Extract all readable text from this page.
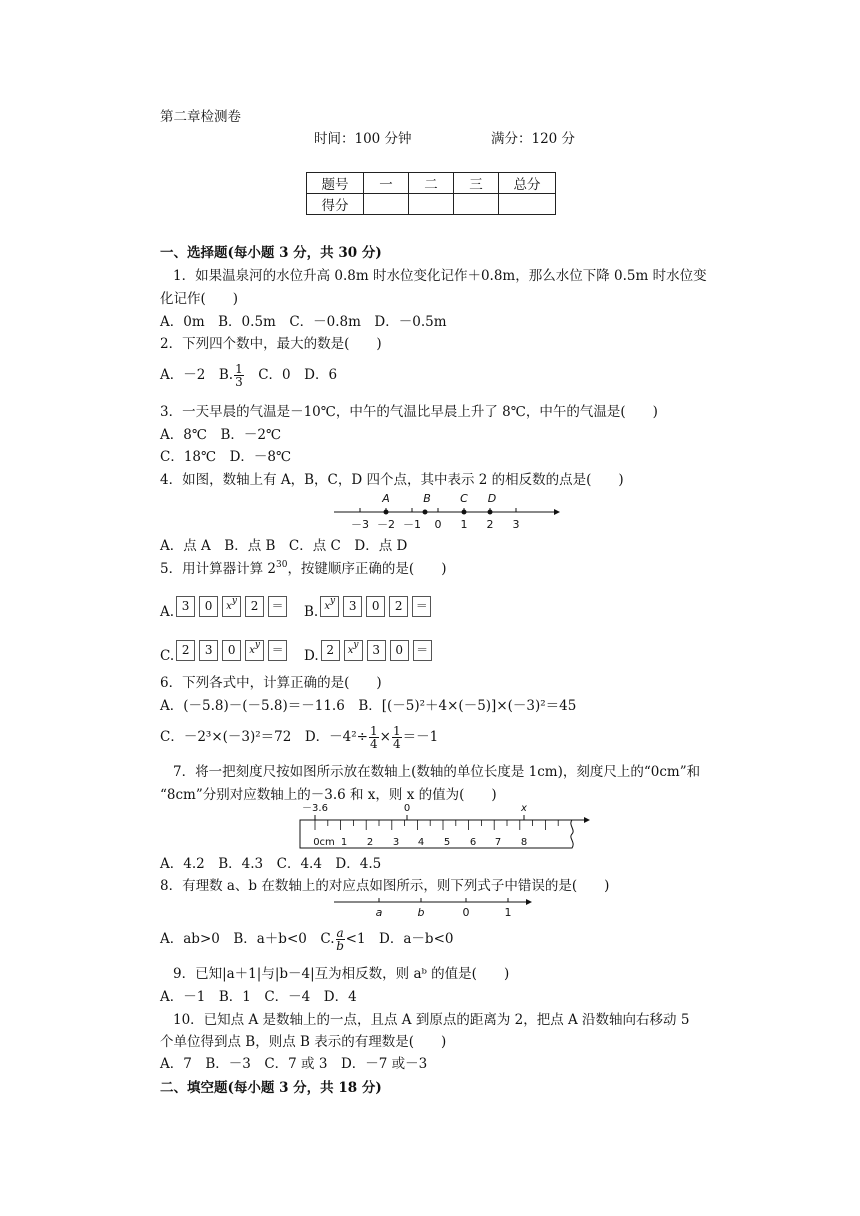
第二章检测卷
时间：100 分钟	满分：120 分
题号	一	二	三	总分
得分				
一、选择题(每小题 3 分，共 30 分)
1．如果温泉河的水位升高 0.8m 时水位变化记作＋0.8m，那么水位下降 0.5m 时水位变
化记作(　　)
A．0m　B．0.5m　C．－0.8m　D．－0.5m
2．下列四个数中，最大的数是(　　)
A．－2　B. $\frac{1}{3}$ 　C．0　D．6
3．一天早晨的气温是－10℃，中午的气温比早晨上升了 8℃，中午的气温是(　　)
A．8℃　B．－2℃
C．18℃　D．－8℃
4．如图，数轴上有 A，B，C，D 四个点，其中表示 2 的相反数的点是(　　)
A	B	C D
－3 －2 －1 0 1 2 3
A．点 A　B．点 B　C．点 C　D．点 D
5．用计算器计算 $2^{30}$，按键顺序正确的是(　　)
A. 3 0 $x^y$ 2 ＝	B. $x^y$ 3 0 2 ＝
C. 2 3 0 $x^y$ ＝	D. 2 $x^y$ 3 0 ＝
6．下列各式中，计算正确的是(　　)
A．(－5.8)－(－5.8)＝－11.6　B．[(－5)²＋4×(－5)]×(－3)²＝45
C．－2³×(－3)²＝72　D．$-4^2\div \frac{1}{4} \times \frac{1}{4} =-1$
7．将一把刻度尺按如图所示放在数轴上(数轴的单位长度是 1cm)，刻度尺上的“0cm”和
“8cm”分别对应数轴上的－3.6 和 x，则 x 的值为(　　)
－3.6	0	x
0cm 1 2 3 4 5 6 7 8
A．4.2　B．4.3　C．4.4　D．4.5
8．有理数 a、b 在数轴上的对应点如图所示，则下列式子中错误的是(　　)
a	b	0	1
A．ab>0　B．a＋b<0　C. $\frac{a}{b} <1$　D．a－b<0
9．已知|a＋1|与|b－4|互为相反数，则 aᵇ 的值是(　　)
A．－1　B．1　C．－4　D．4
10．已知点 A 是数轴上的一点，且点 A 到原点的距离为 2，把点 A 沿数轴向右移动 5
个单位得到点 B，则点 B 表示的有理数是(　　)
A．7　B．－3　C．7 或 3　D．－7 或－3
二、填空题(每小题 3 分，共 18 分)
